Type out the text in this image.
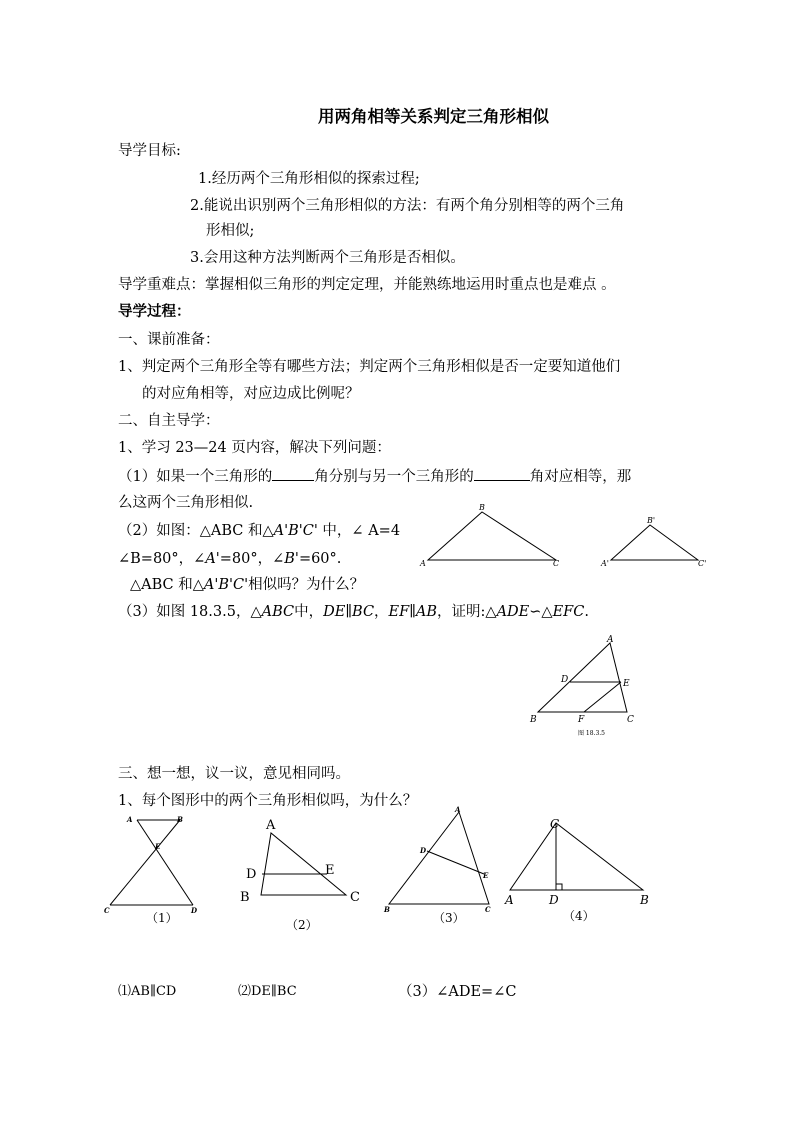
用两角相等关系判定三角形相似
导学目标:
1.经历两个三角形相似的探索过程;
2.能说出识别两个三角形相似的方法：有两个角分别相等的两个三角
形相似;
3.会用这种方法判断两个三角形是否相似。
导学重难点：掌握相似三角形的判定定理，并能熟练地运用时重点也是难点 。
导学过程：
一、课前准备：
1、判定两个三角形全等有哪些方法；判定两个三角形相似是否一定要知道他们
的对应角相等，对应边成比例呢？
二、自主导学：
1、学习 23—24 页内容，解决下列问题：
（1）如果一个三角形的	角分别与另一个三角形的	角对应相等，那
么这两个三角形相似.
（2）如图：△ABC 和△A'B'C' 中，∠ A=4
∠B=80°，∠A'=80°，∠B'=60°.
△ABC 和△A'B'C'相似吗？为什么？
（3）如图 18.3.5，△ABC中，DE∥BC，EF∥AB，证明:△ADE∽△EFC.
B
A	C
B'
A'	C'
A
D	E
B	F	C
图 18.3.5
A	B
E
C	D
（1）
A
D	E
B	C
（2）
A
D
E
B	C
（3）
C
A	D	B
（4）
三、想一想，议一议，意见相同吗。
1、每个图形中的两个三角形相似吗，为什么？
⑴AB∥CD	⑵DE∥BC	（3）∠ADE=∠C
